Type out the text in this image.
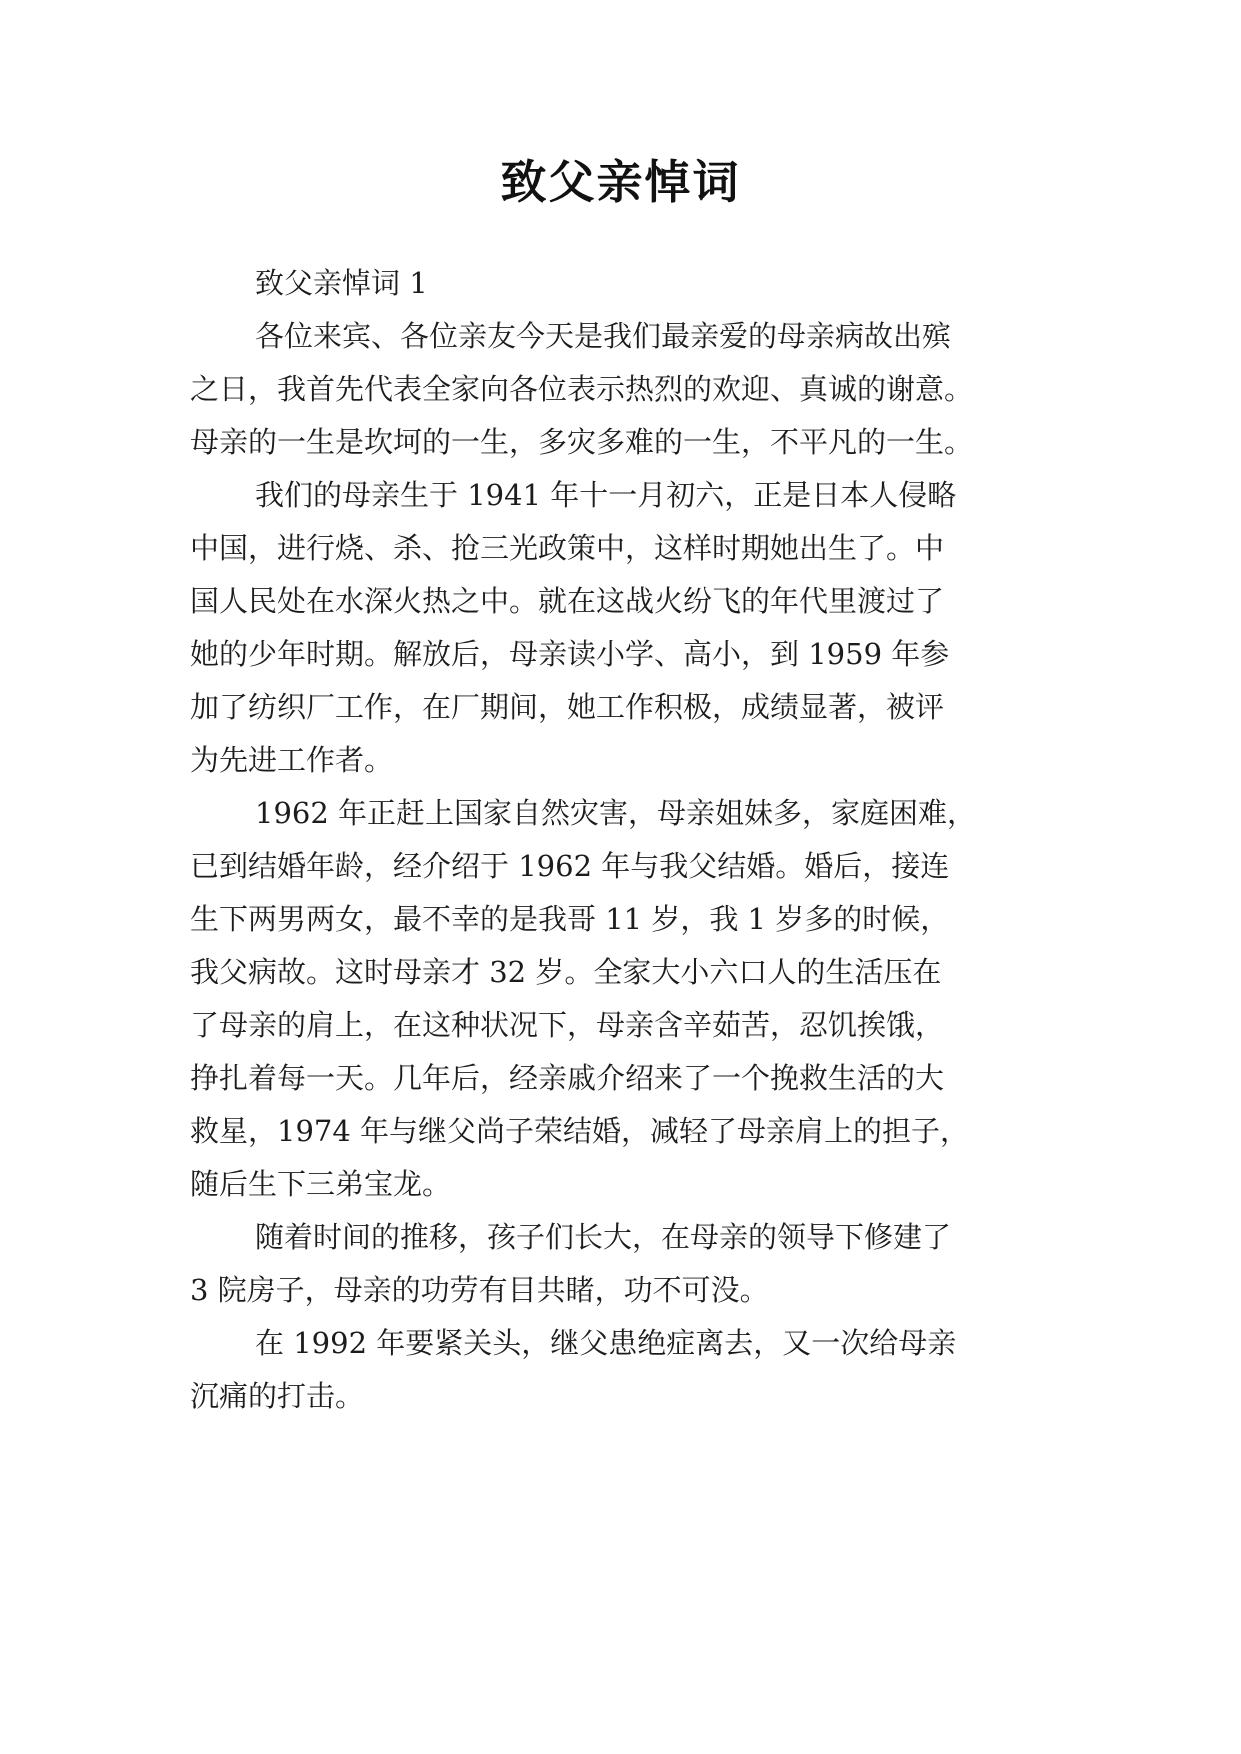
致父亲悼词
致父亲悼词 1
各位来宾、各位亲友今天是我们最亲爱的母亲病故出殡
之日，我首先代表全家向各位表示热烈的欢迎、真诚的谢意。
母亲的一生是坎坷的一生，多灾多难的一生，不平凡的一生。
我们的母亲生于 1941 年十一月初六，正是日本人侵略
中国，进行烧、杀、抢三光政策中，这样时期她出生了。中
国人民处在水深火热之中。就在这战火纷飞的年代里渡过了
她的少年时期。解放后，母亲读小学、高小，到 1959 年参
加了纺织厂工作，在厂期间，她工作积极，成绩显著，被评
为先进工作者。
1962 年正赶上国家自然灾害，母亲姐妹多，家庭困难，
已到结婚年龄，经介绍于 1962 年与我父结婚。婚后，接连
生下两男两女，最不幸的是我哥 11 岁，我 1 岁多的时候，
我父病故。这时母亲才 32 岁。全家大小六口人的生活压在
了母亲的肩上，在这种状况下，母亲含辛茹苦，忍饥挨饿，
挣扎着每一天。几年后，经亲戚介绍来了一个挽救生活的大
救星，1974 年与继父尚子荣结婚，减轻了母亲肩上的担子，
随后生下三弟宝龙。
随着时间的推移，孩子们长大，在母亲的领导下修建了
3 院房子，母亲的功劳有目共睹，功不可没。
在 1992 年要紧关头，继父患绝症离去，又一次给母亲
沉痛的打击。
